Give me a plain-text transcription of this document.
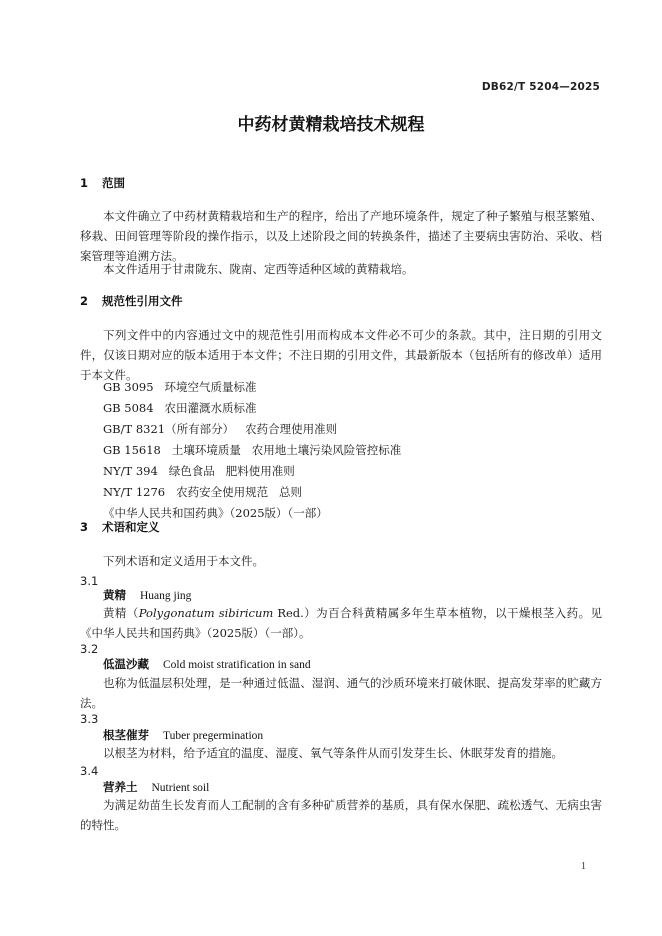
DB62/T 5204—2025
中药材黄精栽培技术规程
1 范围
本文件确立了中药材黄精栽培和生产的程序，给出了产地环境条件，规定了种子繁殖与根茎繁殖、移栽、田间管理等阶段的操作指示，以及上述阶段之间的转换条件，描述了主要病虫害防治、采收、档案管理等追溯方法。
本文件适用于甘肃陇东、陇南、定西等适种区域的黄精栽培。
2 规范性引用文件
下列文件中的内容通过文中的规范性引用而构成本文件必不可少的条款。其中，注日期的引用文件，仅该日期对应的版本适用于本文件；不注日期的引用文件，其最新版本（包括所有的修改单）适用于本文件。
GB 3095   环境空气质量标准
GB 5084   农田灌溉水质标准
GB/T 8321（所有部分）   农药合理使用准则
GB 15618   土壤环境质量   农用地土壤污染风险管控标准
NY/T 394   绿色食品   肥料使用准则
NY/T 1276   农药安全使用规范   总则
《中华人民共和国药典》（2025版）（一部）
3 术语和定义
下列术语和定义适用于本文件。
3.1
黄精 Huang jing
黄精（Polygonatum sibiricum Red.）为百合科黄精属多年生草本植物，以干燥根茎入药。见《中华人民共和国药典》（2025版）（一部）。
3.2
低温沙藏 Cold moist stratification in sand
也称为低温层积处理，是一种通过低温、湿润、通气的沙质环境来打破休眠、提高发芽率的贮藏方法。
3.3
根茎催芽 Tuber pregermination
以根茎为材料，给予适宜的温度、湿度、氧气等条件从而引发芽生长、休眠芽发育的措施。
3.4
营养土 Nutrient soil
为满足幼苗生长发育而人工配制的含有多种矿质营养的基质，具有保水保肥、疏松透气、无病虫害的特性。
1
